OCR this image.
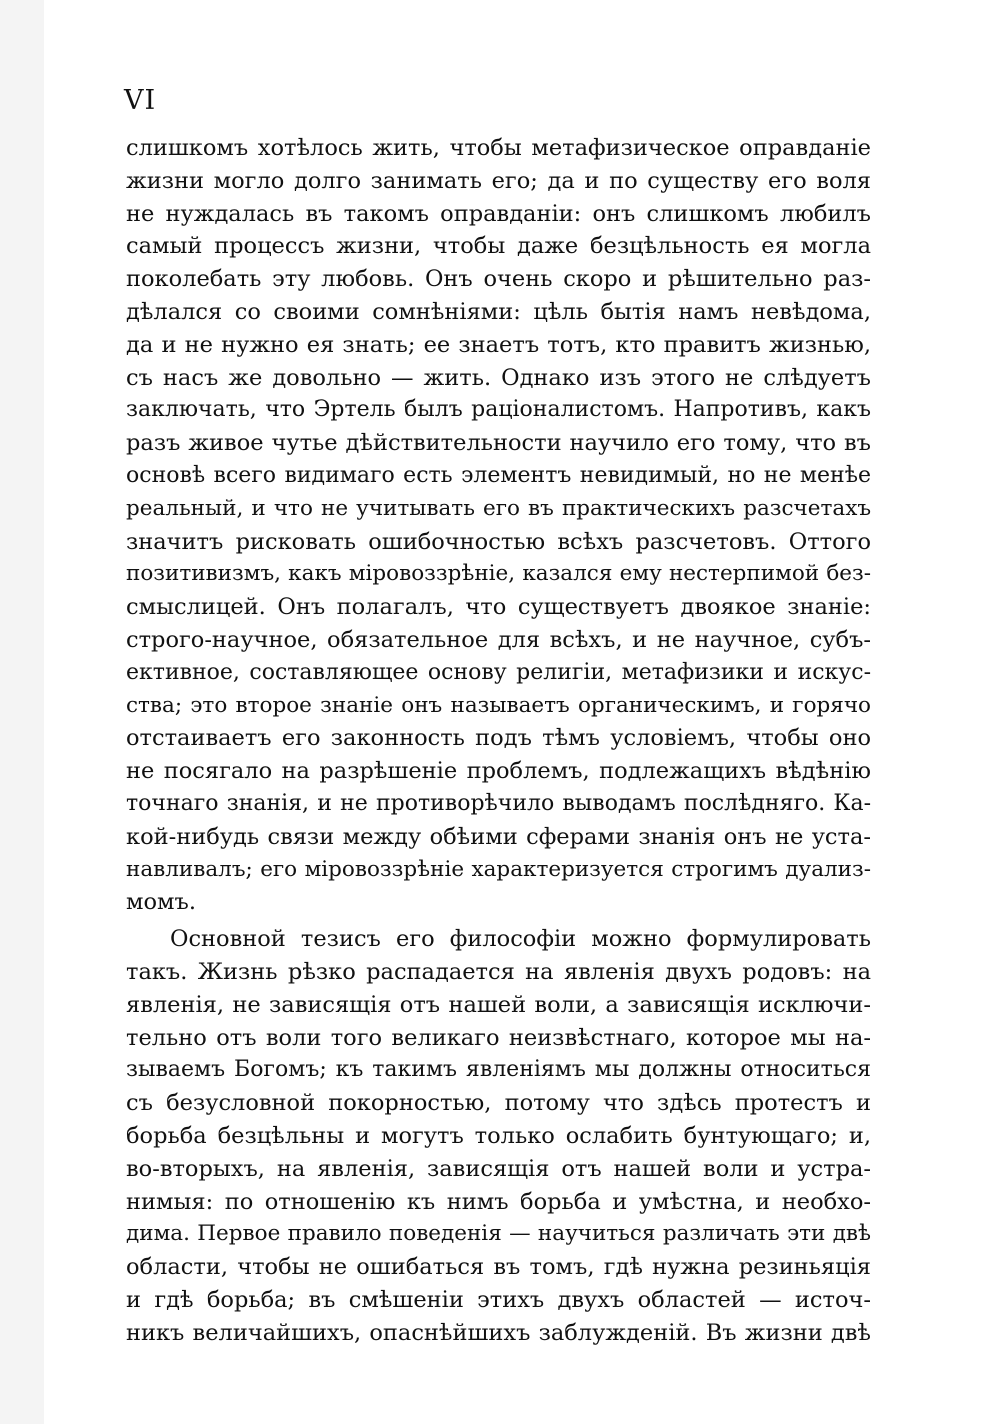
VI
слишкомъ хотѣлось жить, чтобы метафизическое оправданіе
жизни могло долго занимать его; да и по существу его воля
не нуждалась въ такомъ оправданіи: онъ слишкомъ любилъ
самый процессъ жизни, чтобы даже безцѣльность ея могла
поколебать эту любовь. Онъ очень скоро и рѣшительно раз-
дѣлался со своими сомнѣніями: цѣль бытія намъ невѣдома,
да и не нужно ея знать; ее знаетъ тотъ, кто правитъ жизнью,
съ насъ же довольно — жить. Однако изъ этого не слѣдуетъ
заключать, что Эртель былъ раціоналистомъ. Напротивъ, какъ
разъ живое чутье дѣйствительности научило его тому, что въ
основѣ всего видимаго есть элементъ невидимый, но не менѣе
реальный, и что не учитывать его въ практическихъ разсчетахъ
значитъ рисковать ошибочностью всѣхъ разсчетовъ. Оттого
позитивизмъ, какъ міровоззрѣніе, казался ему нестерпимой без-
смыслицей. Онъ полагалъ, что существуетъ двоякое знаніе:
строго-научное, обязательное для всѣхъ, и не научное, субъ-
ективное, составляющее основу религіи, метафизики и искус-
ства; это второе знаніе онъ называетъ органическимъ, и горячо
отстаиваетъ его законность подъ тѣмъ условіемъ, чтобы оно
не посягало на разрѣшеніе проблемъ, подлежащихъ вѣдѣнію
точнаго знанія, и не противорѣчило выводамъ послѣдняго. Ка-
кой-нибудь связи между обѣими сферами знанія онъ не уста-
навливалъ; его міровоззрѣніе характеризуется строгимъ дуализ-
момъ.
Основной тезисъ его философіи можно формулировать
такъ. Жизнь рѣзко распадается на явленія двухъ родовъ: на
явленія, не зависящія отъ нашей воли, а зависящія исключи-
тельно отъ воли того великаго неизвѣстнаго, которое мы на-
зываемъ Богомъ; къ такимъ явленіямъ мы должны относиться
съ безусловной покорностью, потому что здѣсь протестъ и
борьба безцѣльны и могутъ только ослабить бунтующаго; и,
во-вторыхъ, на явленія, зависящія отъ нашей воли и устра-
нимыя: по отношенію къ нимъ борьба и умѣстна, и необхо-
дима. Первое правило поведенія — научиться различать эти двѣ
области, чтобы не ошибаться въ томъ, гдѣ нужна резиньяція
и гдѣ борьба; въ смѣшеніи этихъ двухъ областей — источ-
никъ величайшихъ, опаснѣйшихъ заблужденій. Въ жизни двѣ
